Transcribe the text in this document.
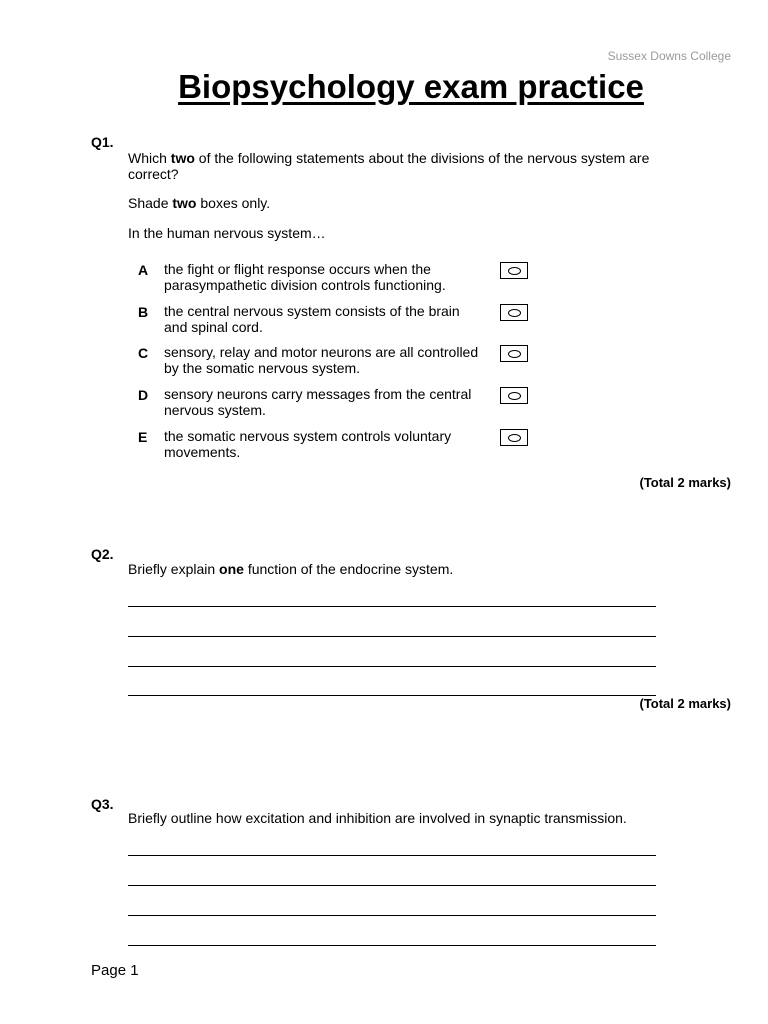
Sussex Downs College
Biopsychology exam practice
Q1.
Which two of the following statements about the divisions of the nervous system are correct?
Shade two boxes only.
In the human nervous system…
A the fight or flight response occurs when the parasympathetic division controls functioning.
B the central nervous system consists of the brain and spinal cord.
C sensory, relay and motor neurons are all controlled by the somatic nervous system.
D sensory neurons carry messages from the central nervous system.
E the somatic nervous system controls voluntary movements.
(Total 2 marks)
Q2.
Briefly explain one function of the endocrine system.
(Total 2 marks)
Q3.
Briefly outline how excitation and inhibition are involved in synaptic transmission.
Page 1
